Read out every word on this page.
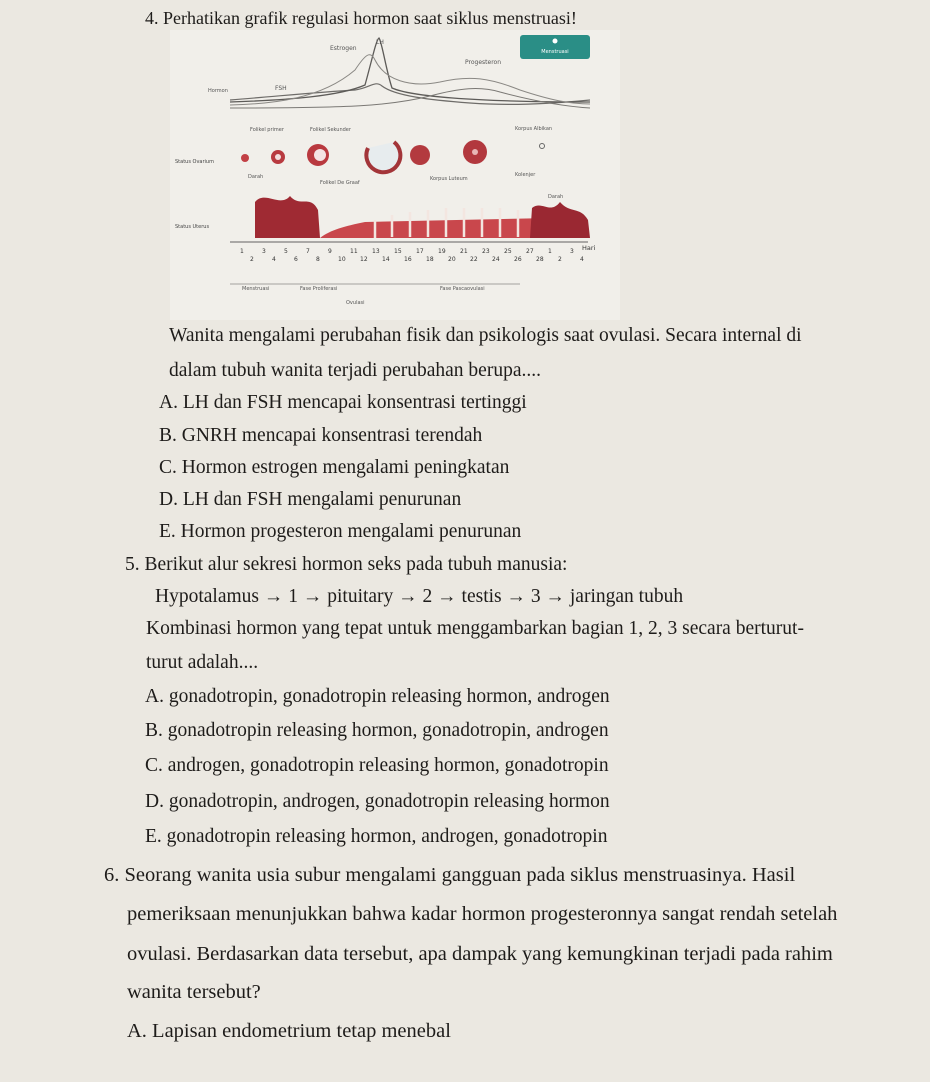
4. Perhatikan grafik regulasi hormon saat siklus menstruasi!
Estrogen
LH
Progesteron
Hormon	FSH
Menstruasi
Status Ovarium
Folikel primer	Folikel Sekunder	Korpus Albikan
Darah
Folikel De Graaf
Korpus Luteum
Kolenjer
Darah
Status Uterus
Hari
1	3	5	7	9	11 13 15 17 19 21 23 25 27 1	3
2	4	6	8	10 12 14 16 18 20 22 24 26 28 2	4
Menstruasi	Fase Proliferasi	Fase Pascaovulasi
Ovulasi
Wanita mengalami perubahan fisik dan psikologis saat ovulasi. Secara internal di
dalam tubuh wanita terjadi perubahan berupa....
A. LH dan FSH mencapai konsentrasi tertinggi
B. GNRH mencapai konsentrasi terendah
C. Hormon estrogen mengalami peningkatan
D. LH dan FSH mengalami penurunan
E. Hormon progesteron mengalami penurunan
5. Berikut alur sekresi hormon seks pada tubuh manusia:
Hypotalamus → 1 → pituitary → 2 → testis → 3 → jaringan tubuh
Kombinasi hormon yang tepat untuk menggambarkan bagian 1, 2, 3 secara berturut-
turut adalah....
A. gonadotropin, gonadotropin releasing hormon, androgen
B. gonadotropin releasing hormon, gonadotropin, androgen
C. androgen, gonadotropin releasing hormon, gonadotropin
D. gonadotropin, androgen, gonadotropin releasing hormon
E. gonadotropin releasing hormon, androgen, gonadotropin
6. Seorang wanita usia subur mengalami gangguan pada siklus menstruasinya. Hasil
pemeriksaan menunjukkan bahwa kadar hormon progesteronnya sangat rendah setelah
ovulasi. Berdasarkan data tersebut, apa dampak yang kemungkinan terjadi pada rahim
wanita tersebut?
A. Lapisan endometrium tetap menebal
